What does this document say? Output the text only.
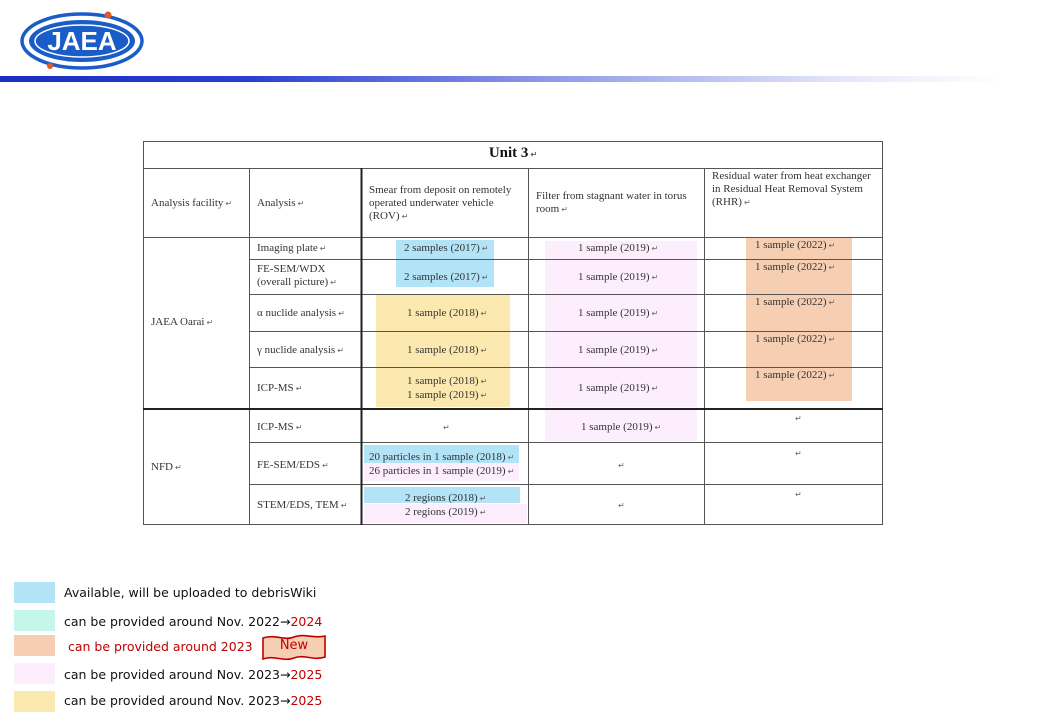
JAEA
Unit 3 ↵
Analysis facility ↵ Analysis ↵
Smear from deposit on remotely operated underwater vehicle (ROV) ↵
Filter from stagnant water in torus room ↵
Residual water from heat exchanger in Residual Heat Removal System (RHR) ↵
JAEA Oarai ↵
NFD ↵
Imaging plate ↵
FE-SEM/WDX (overall picture) ↵
α nuclide analysis ↵
γ nuclide analysis ↵
ICP-MS ↵
ICP-MS ↵
FE-SEM/EDS ↵
STEM/EDS, TEM ↵
2 samples (2017) ↵
2 samples (2017) ↵
1 sample (2018) ↵
1 sample (2018) ↵
1 sample (2018) ↵
1 sample (2019) ↵
↵
20 particles in 1 sample (2018) ↵
26 particles in 1 sample (2019) ↵
2 regions (2018) ↵
2 regions (2019) ↵
1 sample (2019) ↵
1 sample (2019) ↵
1 sample (2019) ↵
1 sample (2019) ↵
1 sample (2019) ↵
1 sample (2019) ↵
↵
↵
1 sample (2022) ↵
1 sample (2022) ↵
1 sample (2022) ↵
1 sample (2022) ↵
1 sample (2022) ↵
↵
↵
↵
Available, will be uploaded to debrisWiki
can be provided around Nov. 2022→2024
can be provided around 2023	New
can be provided around Nov. 2023→2025
can be provided around Nov. 2023→2025
